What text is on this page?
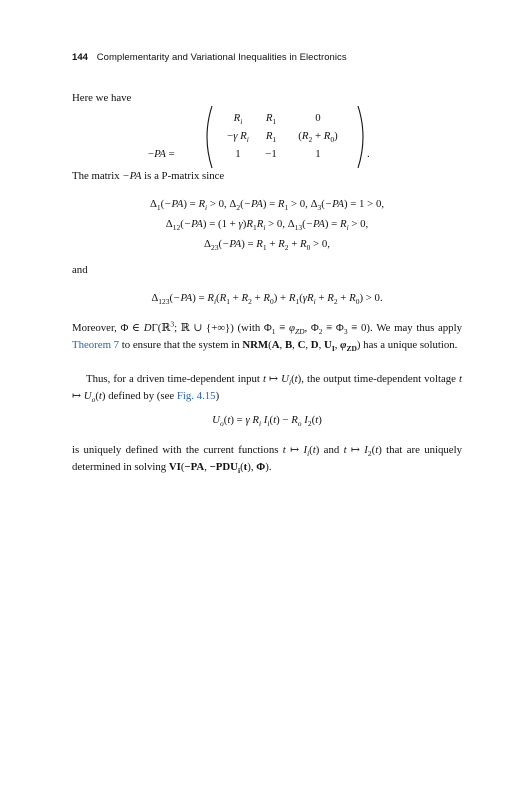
144 Complementarity and Variational Inequalities in Electronics
Here we have
−PA =
$R_i$	$R_1$	0
−γ $R_i$	$R_1$	$(R_2 + R_0)$
1	−1	1	.
The matrix −PA is a P-matrix since
$\Delta_1(-PA) = R_i > 0$, $\Delta_2(-PA) = R_1 > 0$, $\Delta_3(-PA) = 1 > 0$,
$\Delta_{12}(-PA) = (1 + \gamma)R_1R_i > 0$, $\Delta_{13}(-PA) = R_i > 0$,
$\Delta_{23}(-PA) = R_1 + R_2 + R_0 > 0$,
and
$\Delta_{123}(-PA) = R_i(R_1 + R_2 + R_0) + R_1(\gamma R_i + R_2 + R_0) > 0$.
Moreover, Φ ∈ DΓ(ℝ$^3$; ℝ ∪ {+∞}) (with $\Phi_1 \equiv \varphi_{ZD}$, $\Phi_2 \equiv \Phi_3 \equiv 0$). We may thus apply Theorem 7 to ensure that the system in NRM(A, B, C, D, $U_I$, $\varphi_{ZD}$) has a unique solution.
Thus, for a driven time-dependent input t ↦ $U_i(t)$, the output time-dependent voltage t ↦ $U_o(t)$ defined by (see Fig. 4.15)
$U_o(t) = \gamma$ $R_i$ $I_i(t) - R_o$ $I_2(t)$
is uniquely defined with the current functions t ↦ $I_i(t)$ and t ↦ $I_2(t)$ that are uniquely determined in solving VI(−PA, $-PDU_i(t)$, Φ).
